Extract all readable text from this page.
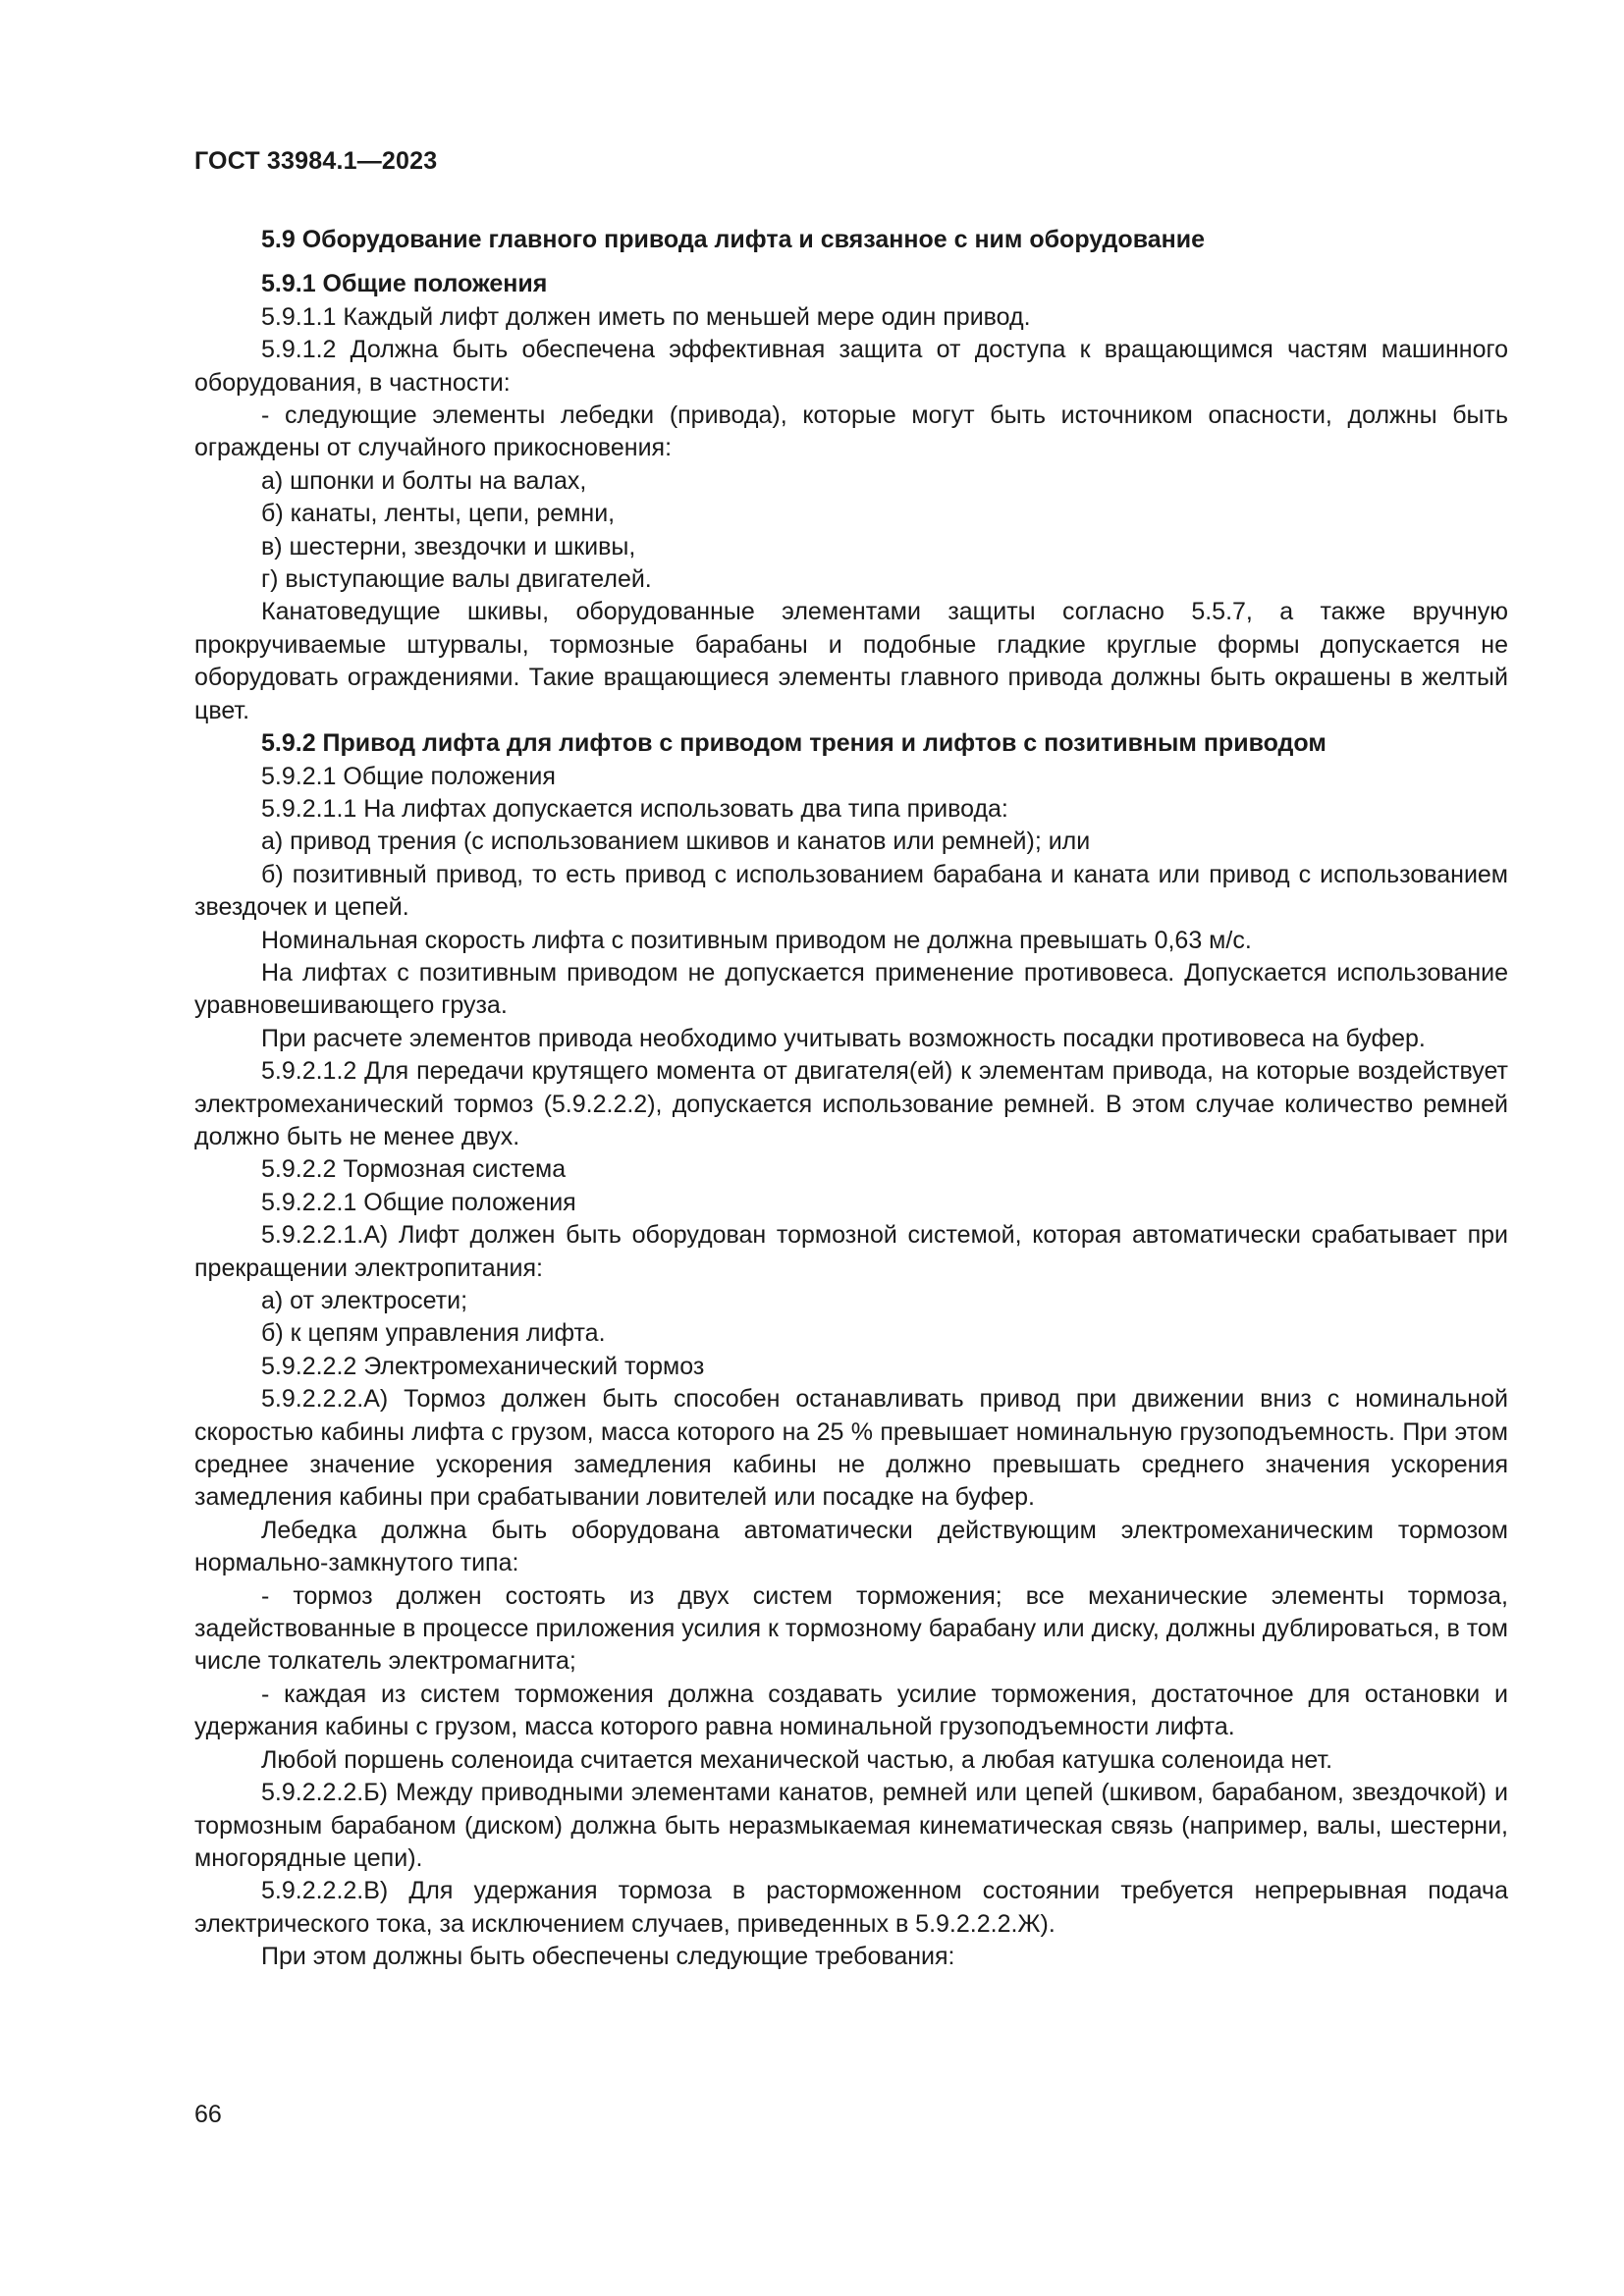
ГОСТ 33984.1—2023

5.9 Оборудование главного привода лифта и связанное с ним оборудование

5.9.1 Общие положения

5.9.1.1 Каждый лифт должен иметь по меньшей мере один привод.

5.9.1.2 Должна быть обеспечена эффективная защита от доступа к вращающимся частям машинного оборудования, в частности:

- следующие элементы лебедки (привода), которые могут быть источником опасности, должны быть ограждены от случайного прикосновения:

а) шпонки и болты на валах,

б) канаты, ленты, цепи, ремни,

в) шестерни, звездочки и шкивы,

г) выступающие валы двигателей.

Канатоведущие шкивы, оборудованные элементами защиты согласно 5.5.7, а также вручную прокручиваемые штурвалы, тормозные барабаны и подобные гладкие круглые формы допускается не оборудовать ограждениями. Такие вращающиеся элементы главного привода должны быть окрашены в желтый цвет.

5.9.2 Привод лифта для лифтов с приводом трения и лифтов с позитивным приводом

5.9.2.1 Общие положения

5.9.2.1.1 На лифтах допускается использовать два типа привода:

а) привод трения (с использованием шкивов и канатов или ремней); или

б) позитивный привод, то есть привод с использованием барабана и каната или привод с использованием звездочек и цепей.

Номинальная скорость лифта с позитивным приводом не должна превышать 0,63 м/с.

На лифтах с позитивным приводом не допускается применение противовеса. Допускается использование уравновешивающего груза.

При расчете элементов привода необходимо учитывать возможность посадки противовеса на буфер.

5.9.2.1.2 Для передачи крутящего момента от двигателя(ей) к элементам привода, на которые воздействует электромеханический тормоз (5.9.2.2.2), допускается использование ремней. В этом случае количество ремней должно быть не менее двух.

5.9.2.2 Тормозная система

5.9.2.2.1 Общие положения

5.9.2.2.1.А) Лифт должен быть оборудован тормозной системой, которая автоматически срабатывает при прекращении электропитания:

а) от электросети;

б) к цепям управления лифта.

5.9.2.2.2 Электромеханический тормоз

5.9.2.2.2.А) Тормоз должен быть способен останавливать привод при движении вниз с номинальной скоростью кабины лифта с грузом, масса которого на 25 % превышает номинальную грузоподъемность. При этом среднее значение ускорения замедления кабины не должно превышать среднего значения ускорения замедления кабины при срабатывании ловителей или посадке на буфер.

Лебедка должна быть оборудована автоматически действующим электромеханическим тормозом нормально-замкнутого типа:

- тормоз должен состоять из двух систем торможения; все механические элементы тормоза, задействованные в процессе приложения усилия к тормозному барабану или диску, должны дублироваться, в том числе толкатель электромагнита;

- каждая из систем торможения должна создавать усилие торможения, достаточное для остановки и удержания кабины с грузом, масса которого равна номинальной грузоподъемности лифта.

Любой поршень соленоида считается механической частью, а любая катушка соленоида нет.

5.9.2.2.2.Б) Между приводными элементами канатов, ремней или цепей (шкивом, барабаном, звездочкой) и тормозным барабаном (диском) должна быть неразмыкаемая кинематическая связь (например, валы, шестерни, многорядные цепи).

5.9.2.2.2.В) Для удержания тормоза в расторможенном состоянии требуется непрерывная подача электрического тока, за исключением случаев, приведенных в 5.9.2.2.2.Ж).

При этом должны быть обеспечены следующие требования:

66
